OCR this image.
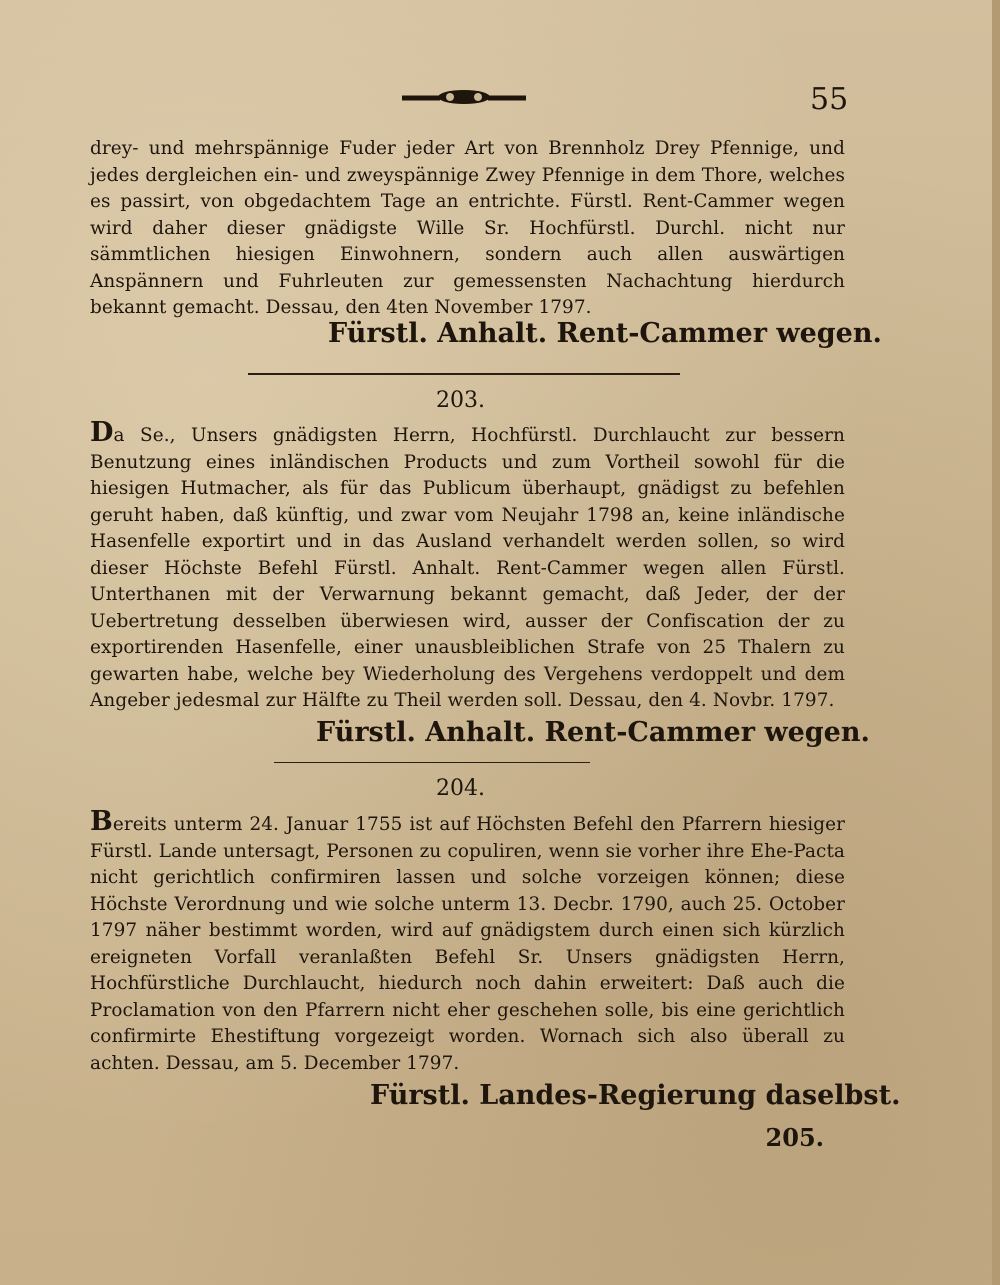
55

drey- und mehrspännige Fuder jeder Art von Brennholz Drey Pfennige, und jedes dergleichen ein- und zweyspännige Zwey Pfennige in dem Thore, welches es passirt, von obgedachtem Tage an entrichte. Fürstl. Rent-Cammer wegen wird daher dieser gnädigste Wille Sr. Hochfürstl. Durchl. nicht nur sämmtlichen hiesigen Einwohnern, sondern auch allen auswärtigen Anspännern und Fuhrleuten zur gemessensten Nachachtung hierdurch bekannt gemacht. Dessau, den 4ten November 1797.

Fürstl. Anhalt. Rent-Cammer wegen.
203.

Da Se., Unsers gnädigsten Herrn, Hochfürstl. Durchlaucht zur bessern Benutzung eines inländischen Products und zum Vortheil sowohl für die hiesigen Hutmacher, als für das Publicum überhaupt, gnädigst zu befehlen geruht haben, daß künftig, und zwar vom Neujahr 1798 an, keine inländische Hasenfelle exportirt und in das Ausland verhandelt werden sollen, so wird dieser Höchste Befehl Fürstl. Anhalt. Rent-Cammer wegen allen Fürstl. Unterthanen mit der Verwarnung bekannt gemacht, daß Jeder, der der Uebertretung desselben überwiesen wird, ausser der Confiscation der zu exportirenden Hasenfelle, einer unausbleiblichen Strafe von 25 Thalern zu gewarten habe, welche bey Wiederholung des Vergehens verdoppelt und dem Angeber jedesmal zur Hälfte zu Theil werden soll. Dessau, den 4. Novbr. 1797.

Fürstl. Anhalt. Rent-Cammer wegen.
204.

Bereits unterm 24. Januar 1755 ist auf Höchsten Befehl den Pfarrern hiesiger Fürstl. Lande untersagt, Personen zu copuliren, wenn sie vorher ihre Ehe-Pacta nicht gerichtlich confirmiren lassen und solche vorzeigen können; diese Höchste Verordnung und wie solche unterm 13. Decbr. 1790, auch 25. October 1797 näher bestimmt worden, wird auf gnädigstem durch einen sich kürzlich ereigneten Vorfall veranlaßten Befehl Sr. Unsers gnädigsten Herrn, Hochfürstliche Durchlaucht, hiedurch noch dahin erweitert: Daß auch die Proclamation von den Pfarrern nicht eher geschehen solle, bis eine gerichtlich confirmirte Ehestiftung vorgezeigt worden. Wornach sich also überall zu achten. Dessau, am 5. December 1797.

Fürstl. Landes-Regierung daselbst.
205.
